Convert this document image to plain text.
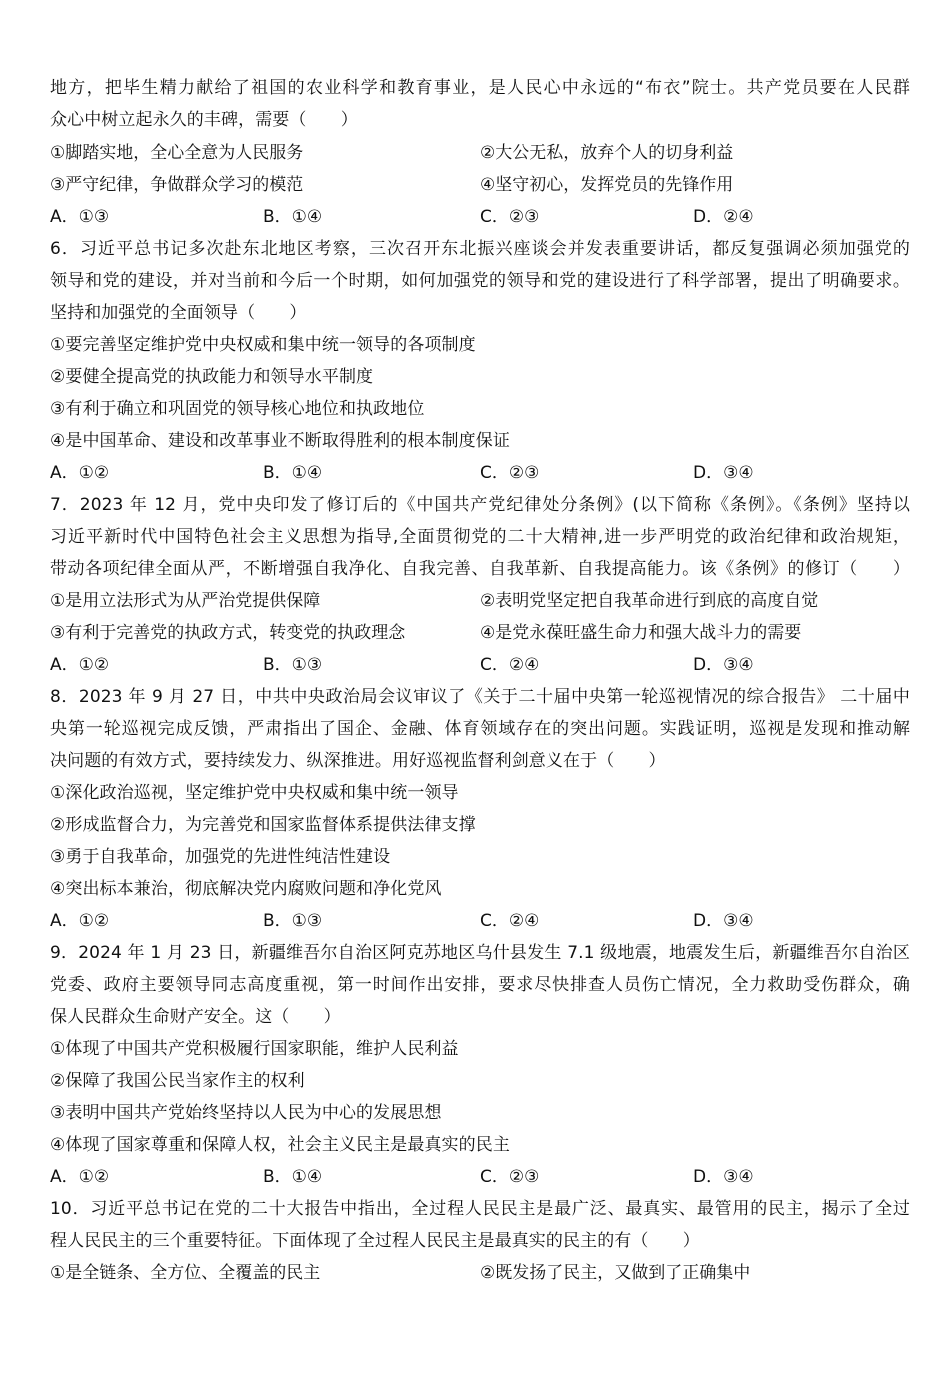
地方，把毕生精力献给了祖国的农业科学和教育事业，是人民心中永远的“布衣”院士。共产党员要在人民群
众心中树立起永久的丰碑，需要（　　）
①脚踏实地，全心全意为人民服务	②大公无私，放弃个人的切身利益
③严守纪律，争做群众学习的模范	④坚守初心，发挥党员的先锋作用
A．①③	B．①④	C．②③	D．②④
6．习近平总书记多次赴东北地区考察，三次召开东北振兴座谈会并发表重要讲话，都反复强调必须加强党的
领导和党的建设，并对当前和今后一个时期，如何加强党的领导和党的建设进行了科学部署，提出了明确要求。
坚持和加强党的全面领导（　　）
①要完善坚定维护党中央权威和集中统一领导的各项制度
②要健全提高党的执政能力和领导水平制度
③有利于确立和巩固党的领导核心地位和执政地位
④是中国革命、建设和改革事业不断取得胜利的根本制度保证
A．①②	B．①④	C．②③	D．③④
7．2023 年 12 月，党中央印发了修订后的《中国共产党纪律处分条例》(以下简称《条例》。《条例》坚持以
习近平新时代中国特色社会主义思想为指导,全面贯彻党的二十大精神,进一步严明党的政治纪律和政治规矩，
带动各项纪律全面从严，不断增强自我净化、自我完善、自我革新、自我提高能力。该《条例》的修订（　　）
①是用立法形式为从严治党提供保障	②表明党坚定把自我革命进行到底的高度自觉
③有利于完善党的执政方式，转变党的执政理念	④是党永葆旺盛生命力和强大战斗力的需要
A．①②	B．①③	C．②④	D．③④
8．2023 年 9 月 27 日，中共中央政治局会议审议了《关于二十届中央第一轮巡视情况的综合报告》 二十届中
央第一轮巡视完成反馈，严肃指出了国企、金融、体育领域存在的突出问题。实践证明，巡视是发现和推动解
决问题的有效方式，要持续发力、纵深推进。用好巡视监督利剑意义在于（　　）
①深化政治巡视，坚定维护党中央权威和集中统一领导
②形成监督合力，为完善党和国家监督体系提供法律支撑
③勇于自我革命，加强党的先进性纯洁性建设
④突出标本兼治，彻底解决党内腐败问题和净化党风
A．①②	B．①③	C．②④	D．③④
9．2024 年 1 月 23 日，新疆维吾尔自治区阿克苏地区乌什县发生 7.1 级地震，地震发生后，新疆维吾尔自治区
党委、政府主要领导同志高度重视，第一时间作出安排，要求尽快排查人员伤亡情况，全力救助受伤群众，确
保人民群众生命财产安全。这（　　）
①体现了中国共产党积极履行国家职能，维护人民利益
②保障了我国公民当家作主的权利
③表明中国共产党始终坚持以人民为中心的发展思想
④体现了国家尊重和保障人权，社会主义民主是最真实的民主
A．①②	B．①④	C．②③	D．③④
10．习近平总书记在党的二十大报告中指出，全过程人民民主是最广泛、最真实、最管用的民主，揭示了全过
程人民民主的三个重要特征。下面体现了全过程人民民主是最真实的民主的有（　　）
①是全链条、全方位、全覆盖的民主	②既发扬了民主，又做到了正确集中
